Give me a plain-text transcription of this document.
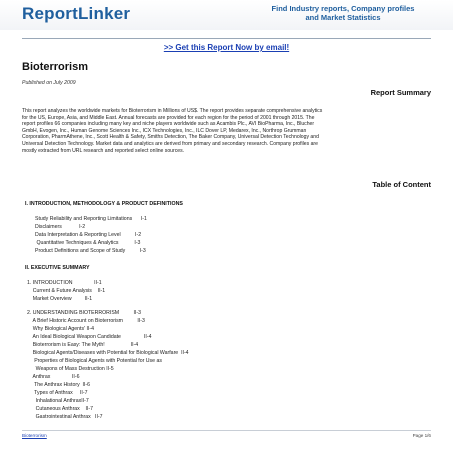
ReportLinker	Find Industry reports, Company profiles
and Market Statistics
>> Get this Report Now by email!
Bioterrorism
Published on July 2009
Report Summary
This report analyzes the worldwide markets for Bioterrorism in Millions of US$. The report provides separate comprehensive analytics
for the US, Europe, Asia, and Middle East. Annual forecasts are provided for each region for the period of 2001 through 2015. The
report profiles 66 companies including many key and niche players worldwide such as Acambis Plc., AVI BioPharma, Inc., Blucher
GmbH, Evogen, Inc., Human Genome Sciences Inc., ICX Technologies, Inc., ILC Dover LP, Medarex, Inc., Northrop Grumman
Corporation, PharmAthene, Inc., Scott Health & Safety, Smiths Detection, The Baker Company, Universal Detection Technology and
Universal Detection Technology. Market data and analytics are derived from primary and secondary research. Company profiles are
mostly extracted from URL research and reported select online sources.
Table of Content
I. INTRODUCTION, METHODOLOGY & PRODUCT DEFINITIONS
Study Reliability and Reporting Limitations      I-1
Disclaimers            I-2
Data Interpretation & Reporting Level          I-2
Quantitative Techniques & Analytics           I-3
Product Definitions and Scope of Study          I-3
II. EXECUTIVE SUMMARY
1. INTRODUCTION               II-1
Current & Future Analysis    II-1
Market Overview         II-1
2. UNDERSTANDING BIOTERRORISM          II-3
A Brief Historic Account on Bioterrorism          II-3
Why Biological Agents' II-4
An Ideal Biological Weapon Candidate                II-4
Bioterrorism is Easy: The Myth!                  II-4
Biological Agents/Diseases with Potential for Biological Warfare  II-4
Properties of Biological Agents with Potential for Use as
Weapons of Mass Destruction II-5
Anthrax               II-6
The Anthrax History  II-6
Types of Anthrax     II-7
Inhalational AnthraxII-7
Cutaneous Anthrax    II-7
Gastrointestinal Anthrax   II-7
Bioterrorism	Page 1/6
